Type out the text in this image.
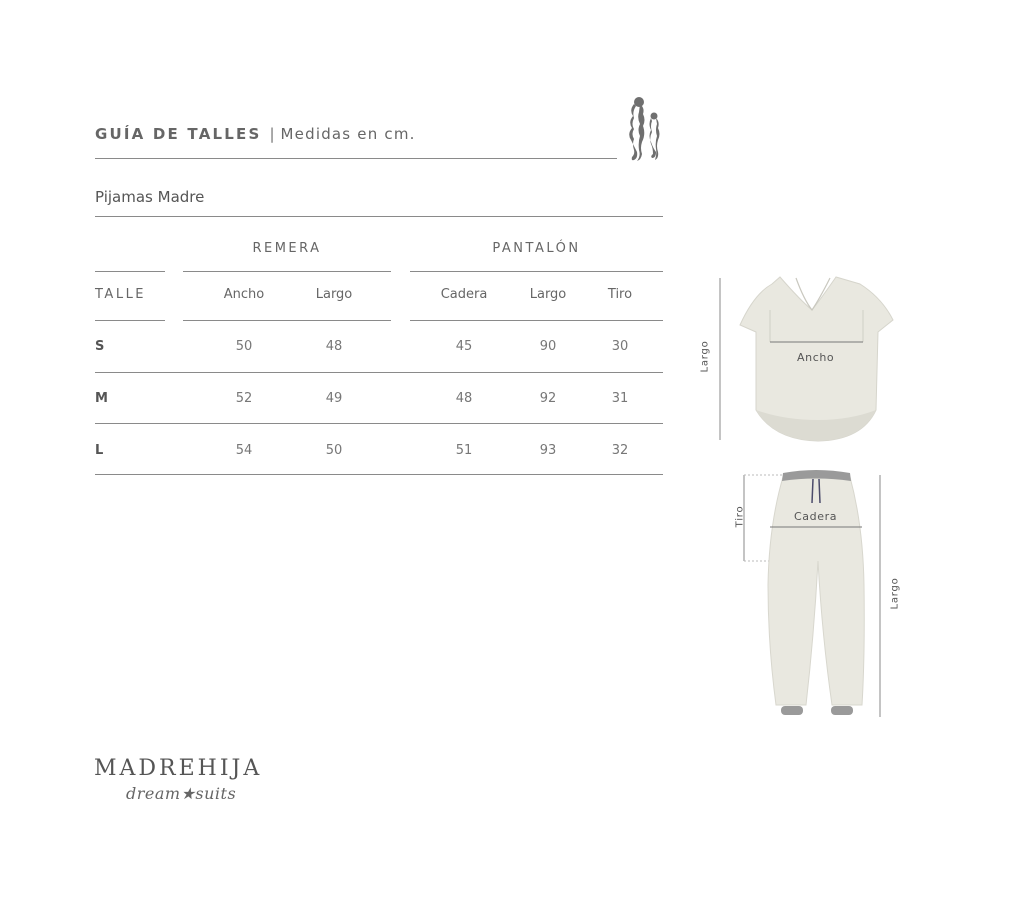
GUÍA DE TALLES | Medidas en cm.
Pijamas Madre
REMERA	PANTALÓN
TALLE	Ancho	Largo	Cadera	Largo	Tiro
S	50	48	45	90	30
M	52	49	48	92	31
L	54	50	51	93	32
Ancho
Largo
Cadera
Tiro
Largo
MADREHIJA
dream★suits
